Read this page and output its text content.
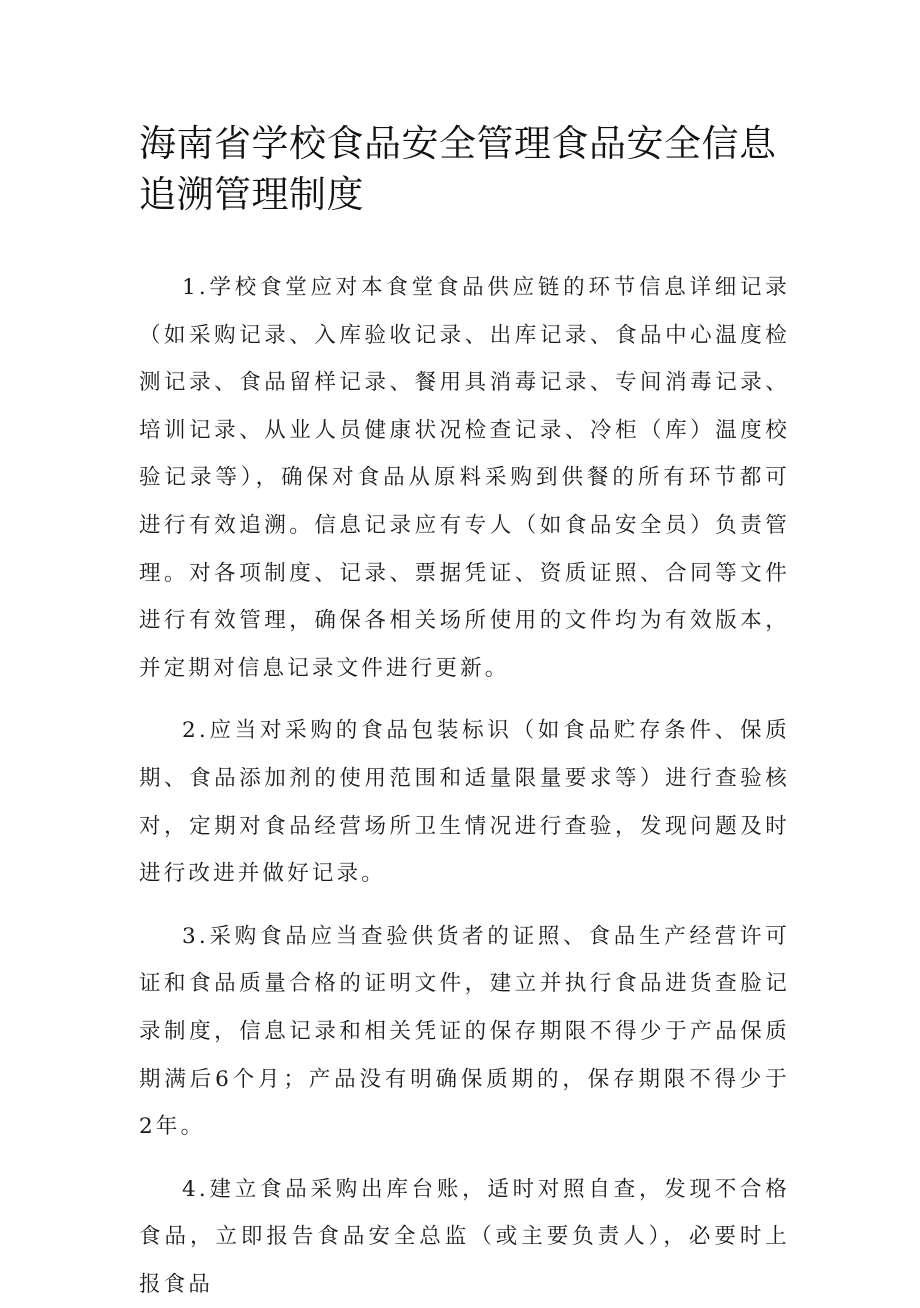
海南省学校食品安全管理食品安全信息追溯管理制度

1.学校食堂应对本食堂食品供应链的环节信息详细记录（如采购记录、入库验收记录、出库记录、食品中心温度检测记录、食品留样记录、餐用具消毒记录、专间消毒记录、培训记录、从业人员健康状况检查记录、冷柜（库）温度校验记录等），确保对食品从原料采购到供餐的所有环节都可进行有效追溯。信息记录应有专人（如食品安全员）负责管理。对各项制度、记录、票据凭证、资质证照、合同等文件进行有效管理，确保各相关场所使用的文件均为有效版本，并定期对信息记录文件进行更新。

2.应当对采购的食品包装标识（如食品贮存条件、保质期、食品添加剂的使用范围和适量限量要求等）进行查验核对，定期对食品经营场所卫生情况进行查验，发现问题及时进行改进并做好记录。

3.采购食品应当查验供货者的证照、食品生产经营许可证和食品质量合格的证明文件，建立并执行食品进货查脸记录制度，信息记录和相关凭证的保存期限不得少于产品保质期满后6个月；产品没有明确保质期的，保存期限不得少于2年。

4.建立食品采购出库台账，适时对照自查，发现不合格食品，立即报告食品安全总监（或主要负责人），必要时上报食品
